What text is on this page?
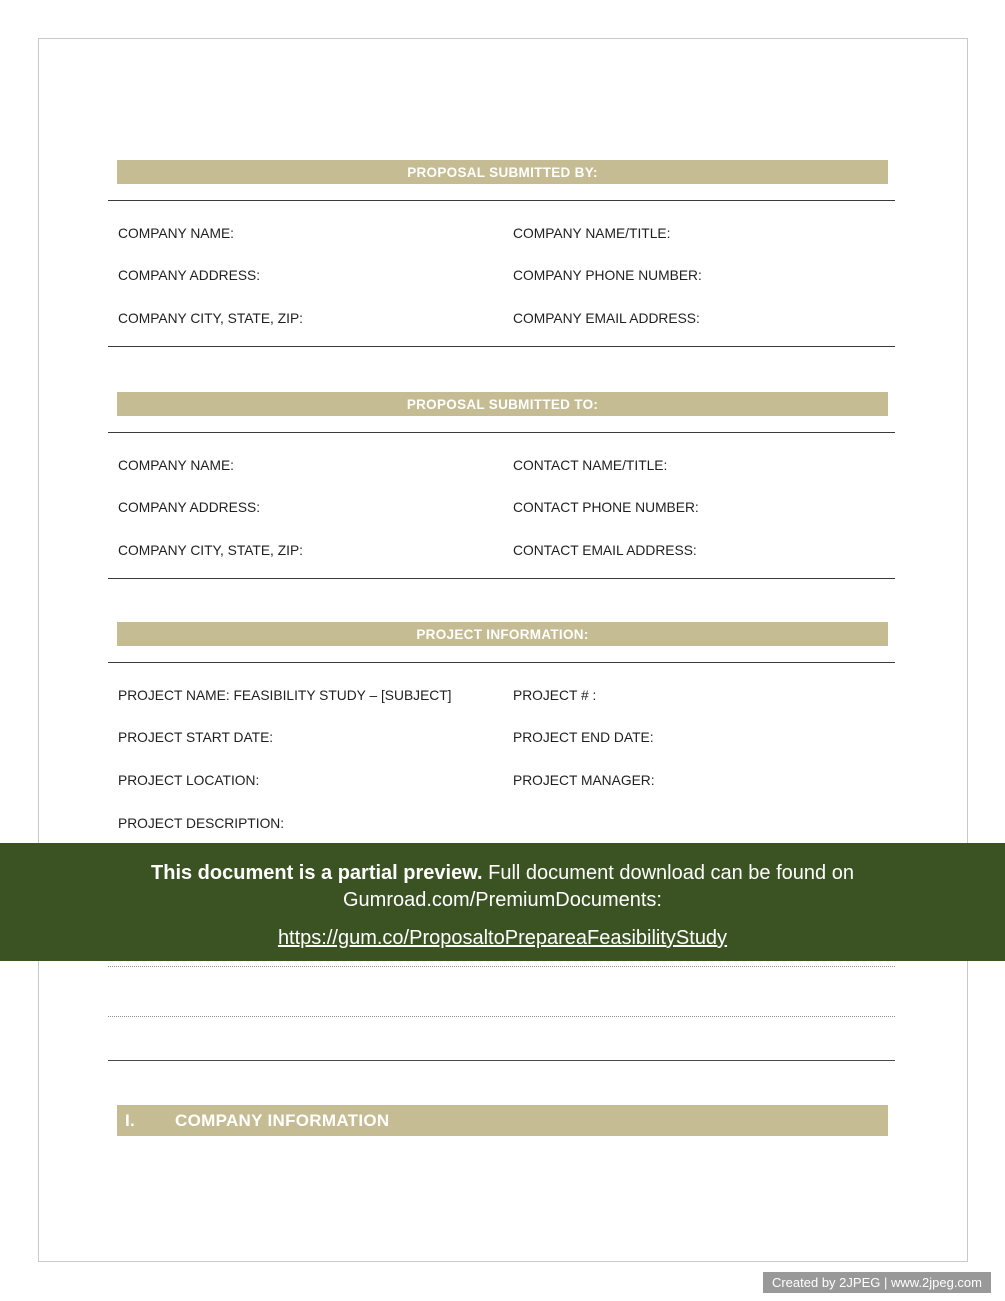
PROPOSAL SUBMITTED BY:
COMPANY NAME:	COMPANY NAME/TITLE:
COMPANY ADDRESS:	COMPANY PHONE NUMBER:
COMPANY CITY, STATE, ZIP:	COMPANY EMAIL ADDRESS:
PROPOSAL SUBMITTED TO:
COMPANY NAME:	CONTACT NAME/TITLE:
COMPANY ADDRESS:	CONTACT PHONE NUMBER:
COMPANY CITY, STATE, ZIP:	CONTACT EMAIL ADDRESS:
PROJECT INFORMATION:
PROJECT NAME: FEASIBILITY STUDY – [SUBJECT]	PROJECT # :
PROJECT START DATE:	PROJECT END DATE:
PROJECT LOCATION:	PROJECT MANAGER:
PROJECT DESCRIPTION:

This document is a partial preview. Full document download can be found on Gumroad.com/PremiumDocuments:

https://gum.co/ProposaltoPrepareaFeasibilityStudy

I. COMPANY INFORMATION
Created by 2JPEG | www.2jpeg.com
